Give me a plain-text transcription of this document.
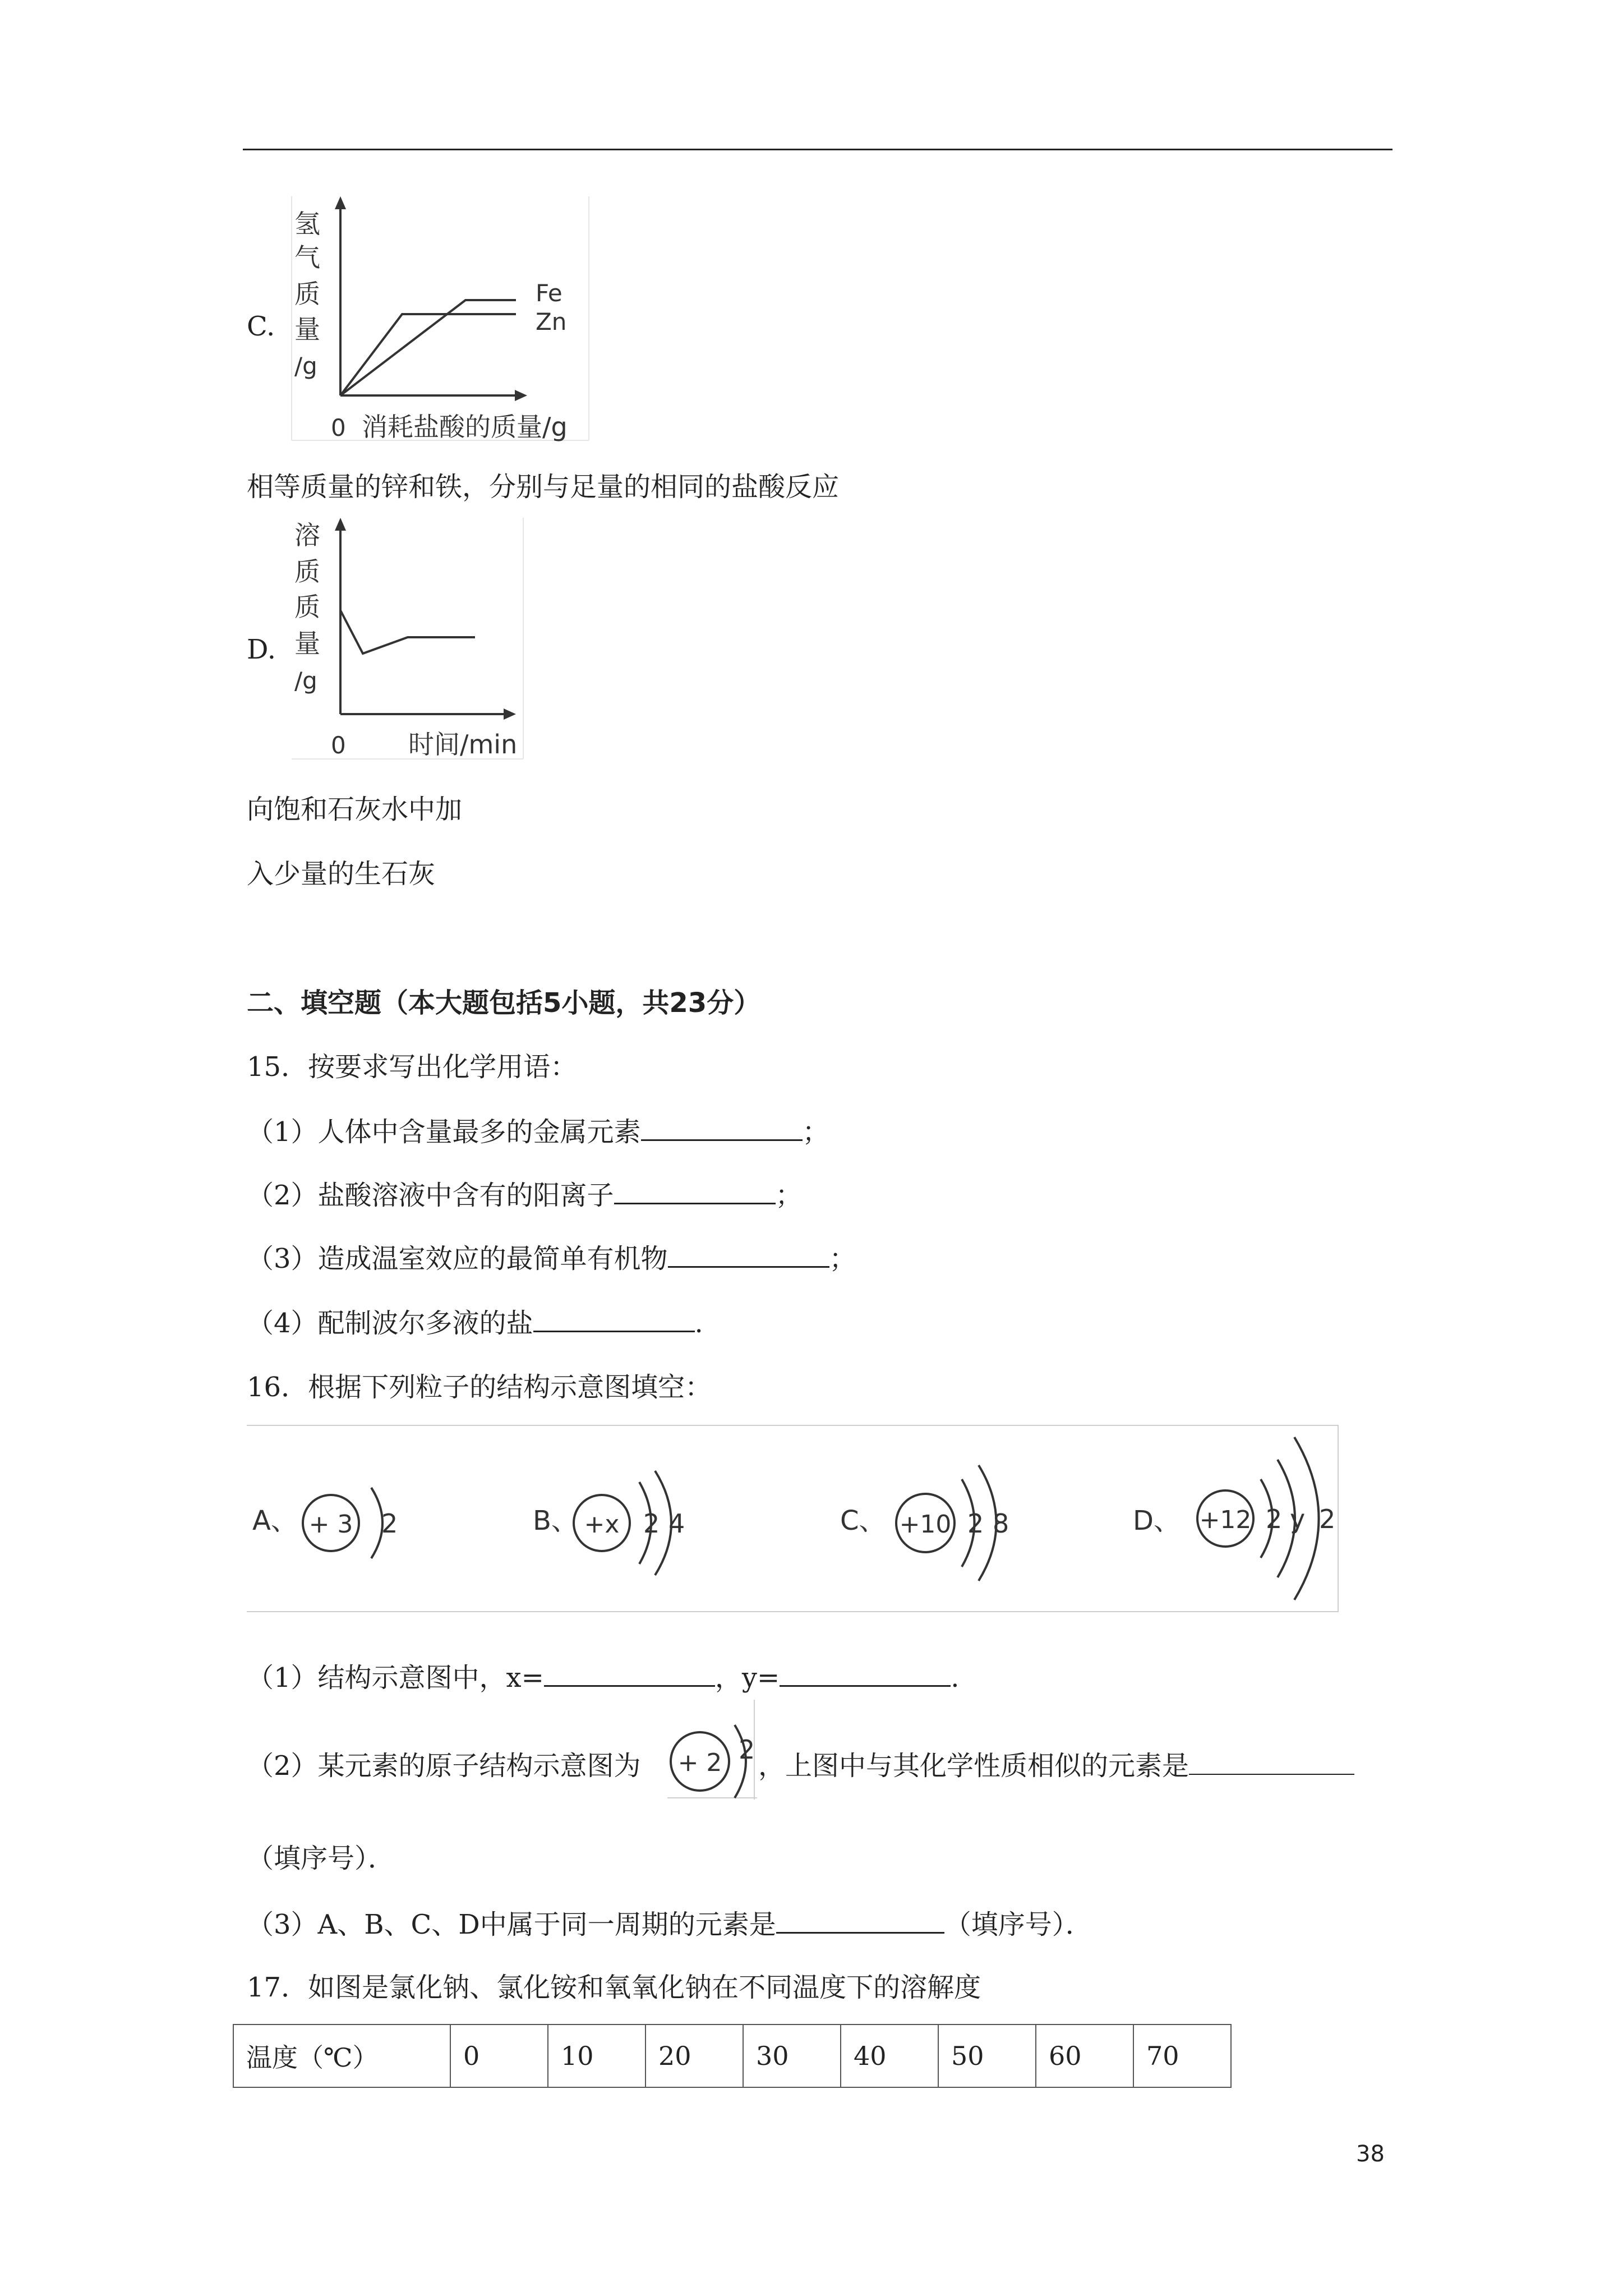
C.
氢
气
质
量
/g
Fe
Zn
0 消耗盐酸的质量/g
相等质量的锌和铁，分别与足量的相同的盐酸反应
D.
溶
质
质
量
/g
0 时间/min
向饱和石灰水中加
入少量的生石灰
二、填空题（本大题包括5小题，共23分）
15．按要求写出化学用语：
（1）人体中含量最多的金属元素	；
（2）盐酸溶液中含有的阳离子	；
（3）造成温室效应的最简单有机物	；
（4）配制波尔多液的盐	.
16．根据下列粒子的结构示意图填空：
A、 + 3 2	B、 +x 2 4	C、 +10 2 8	D、 +12 2 y 2
（1）结构示意图中，x=	，y=	.
（2）某元素的原子结构示意图为 + 2 2
，上图中与其化学性质相似的元素是
（填序号）．
（3）A、B、C、D中属于同一周期的元素是	（填序号）．
17．如图是氯化钠、氯化铵和氧氧化钠在不同温度下的溶解度
温度（℃）	0	10	20	30	40	50	60	70
38
